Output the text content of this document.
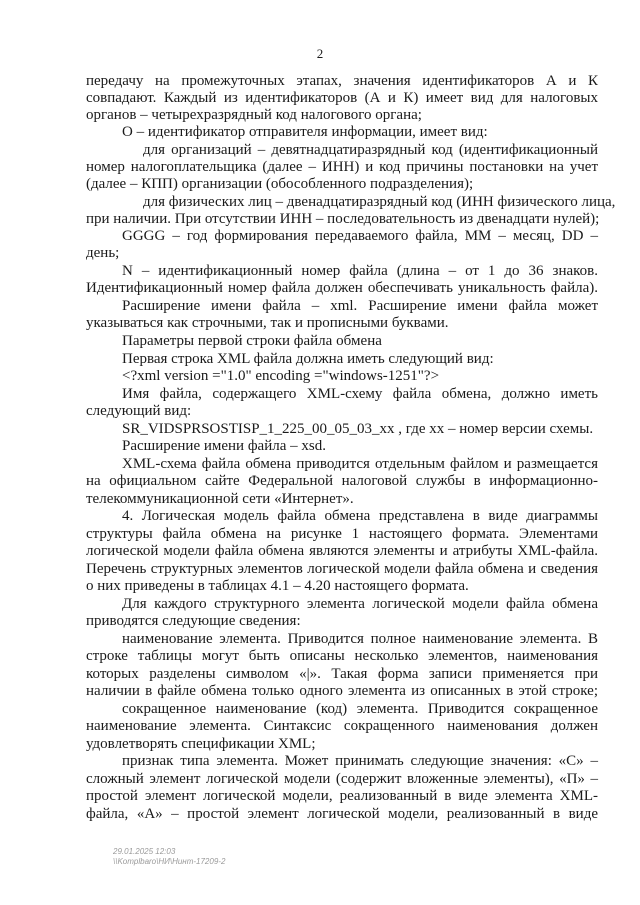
2
передачу на промежуточных этапах, значения идентификаторов А и К
совпадают. Каждый из идентификаторов (А и К) имеет вид для налоговых
органов – четырехразрядный код налогового органа;
О – идентификатор отправителя информации, имеет вид:
для организаций – девятнадцатиразрядный код (идентификационный
номер налогоплательщика (далее – ИНН) и код причины постановки на учет
(далее – КПП) организации (обособленного подразделения);
для физических лиц – двенадцатиразрядный код (ИНН физического лица,
при наличии. При отсутствии ИНН – последовательность из двенадцати нулей);
GGGG – год формирования передаваемого файла, MM – месяц, DD –
день;
N – идентификационный номер файла (длина – от 1 до 36 знаков.
Идентификационный номер файла должен обеспечивать уникальность файла).
Расширение имени файла – xml. Расширение имени файла может
указываться как строчными, так и прописными буквами.
Параметры первой строки файла обмена
Первая строка XML файла должна иметь следующий вид:
<?xml version ="1.0" encoding ="windows-1251"?>
Имя файла, содержащего XML-схему файла обмена, должно иметь
следующий вид:
SR_VIDSPRSOSTISP_1_225_00_05_03_xx , где хх – номер версии схемы.
Расширение имени файла – xsd.
XML-схема файла обмена приводится отдельным файлом и размещается
на официальном сайте Федеральной налоговой службы в информационно-
телекоммуникационной сети «Интернет».
4. Логическая модель файла обмена представлена в виде диаграммы
структуры файла обмена на рисунке 1 настоящего формата. Элементами
логической модели файла обмена являются элементы и атрибуты XML-файла.
Перечень структурных элементов логической модели файла обмена и сведения
о них приведены в таблицах 4.1 – 4.20 настоящего формата.
Для каждого структурного элемента логической модели файла обмена
приводятся следующие сведения:
наименование элемента. Приводится полное наименование элемента. В
строке таблицы могут быть описаны несколько элементов, наименования
которых разделены символом «|». Такая форма записи применяется при
наличии в файле обмена только одного элемента из описанных в этой строке;
сокращенное наименование (код) элемента. Приводится сокращенное
наименование элемента. Синтаксис сокращенного наименования должен
удовлетворять спецификации XML;
признак типа элемента. Может принимать следующие значения: «С» –
сложный элемент логической модели (содержит вложенные элементы), «П» –
простой элемент логической модели, реализованный в виде элемента XML-
файла, «А» – простой элемент логической модели, реализованный в виде
29.01.2025 12:03
\\Komplbaro\НИ\Нинт-17209-2
